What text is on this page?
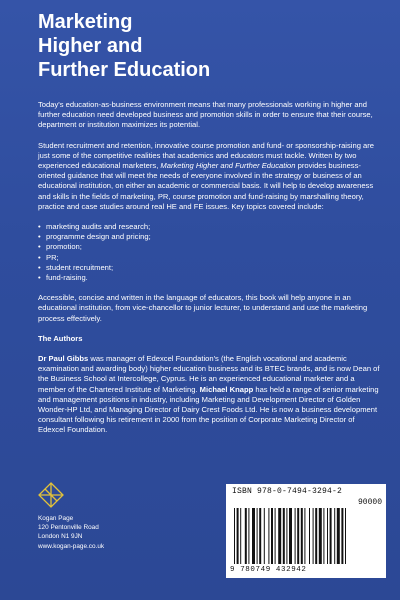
Marketing
Higher and
Further Education

Today's education-as-business environment means that many professionals working in higher and further education need developed business and promotion skills in order to ensure that their course, department or institution maximizes its potential.

Student recruitment and retention, innovative course promotion and fund- or sponsorship-raising are just some of the competitive realities that academics and educators must tackle. Written by two experienced educational marketers, Marketing Higher and Further Education provides business-oriented guidance that will meet the needs of everyone involved in the strategy or business of an educational institution, on either an academic or commercial basis. It will help to develop awareness and skills in the fields of marketing, PR, course promotion and fund-raising by marshalling theory, practice and case studies around real HE and FE issues. Key topics covered include:

• marketing audits and research;
• programme design and pricing;
• promotion;
• PR;
• student recruitment;
• fund-raising.

Accessible, concise and written in the language of educators, this book will help anyone in an educational institution, from vice-chancellor to junior lecturer, to understand and use the marketing process effectively.

The Authors

Dr Paul Gibbs was manager of Edexcel Foundation's (the English vocational and academic examination and awarding body) higher education business and its BTEC brands, and is now Dean of the Business School at Intercollege, Cyprus. He is an experienced educational marketer and a member of the Chartered Institute of Marketing. Michael Knapp has held a range of senior marketing and management positions in industry, including Marketing and Development Director of Golden Wonder-HP Ltd, and Managing Director of Dairy Crest Foods Ltd. He is now a business development consultant following his retirement in 2000 from the position of Corporate Marketing Director of Edexcel Foundation.

Kogan Page
120 Pentonville Road
London N1 9JN
www.kogan-page.co.uk
ISBN 978-0-7494-3294-2
90000
9 780749 432942
